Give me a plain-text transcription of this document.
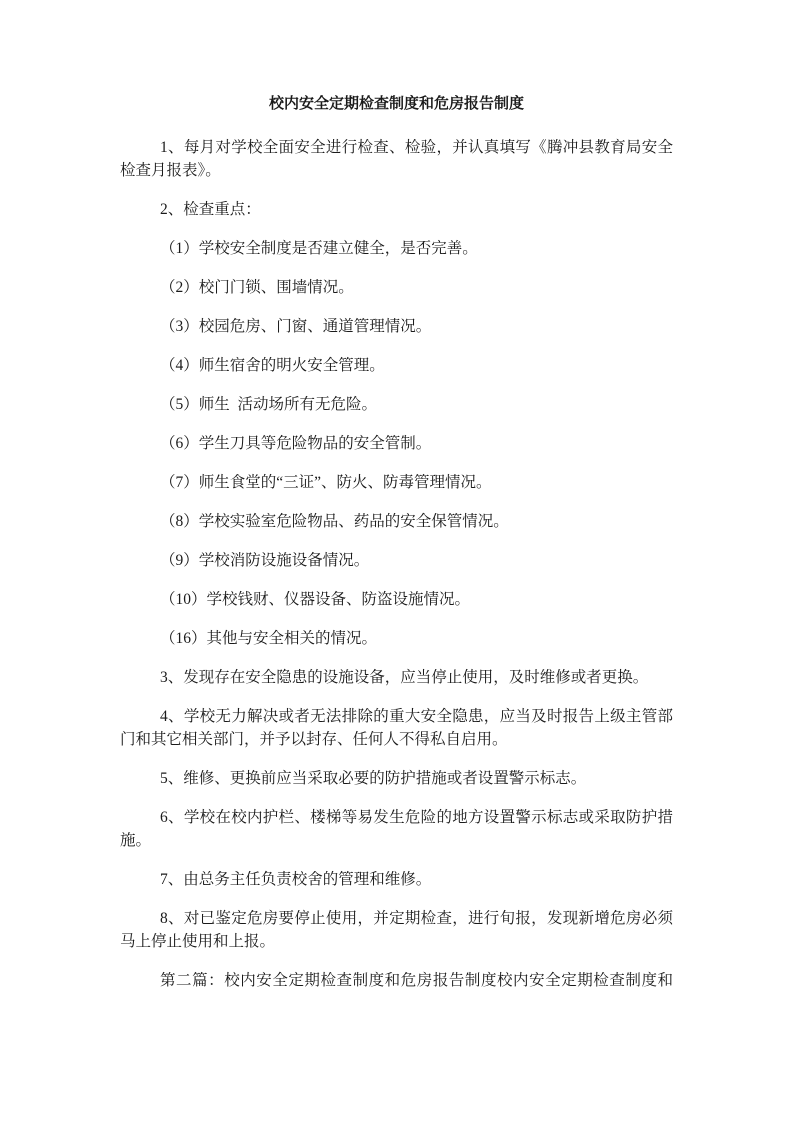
校内安全定期检查制度和危房报告制度
1、每月对学校全面安全进行检查、检验，并认真填写《腾冲县教育局安全
检查月报表》。
2、检查重点：
（1）学校安全制度是否建立健全，是否完善。
（2）校门门锁、围墙情况。
（3）校园危房、门窗、通道管理情况。
（4）师生宿舍的明火安全管理。
（5）师生  活动场所有无危险。
（6）学生刀具等危险物品的安全管制。
（7）师生食堂的“三证”、防火、防毒管理情况。
（8）学校实验室危险物品、药品的安全保管情况。
（9）学校消防设施设备情况。
（10）学校钱财、仪器设备、防盗设施情况。
（16）其他与安全相关的情况。
3、发现存在安全隐患的设施设备，应当停止使用，及时维修或者更换。
4、学校无力解决或者无法排除的重大安全隐患，应当及时报告上级主管部
门和其它相关部门，并予以封存、任何人不得私自启用。
5、维修、更换前应当采取必要的防护措施或者设置警示标志。
6、学校在校内护栏、楼梯等易发生危险的地方设置警示标志或采取防护措
施。
7、由总务主任负责校舍的管理和维修。
8、对已鉴定危房要停止使用，并定期检查，进行旬报，发现新增危房必须
马上停止使用和上报。
第二篇：校内安全定期检查制度和危房报告制度校内安全定期检查制度和
